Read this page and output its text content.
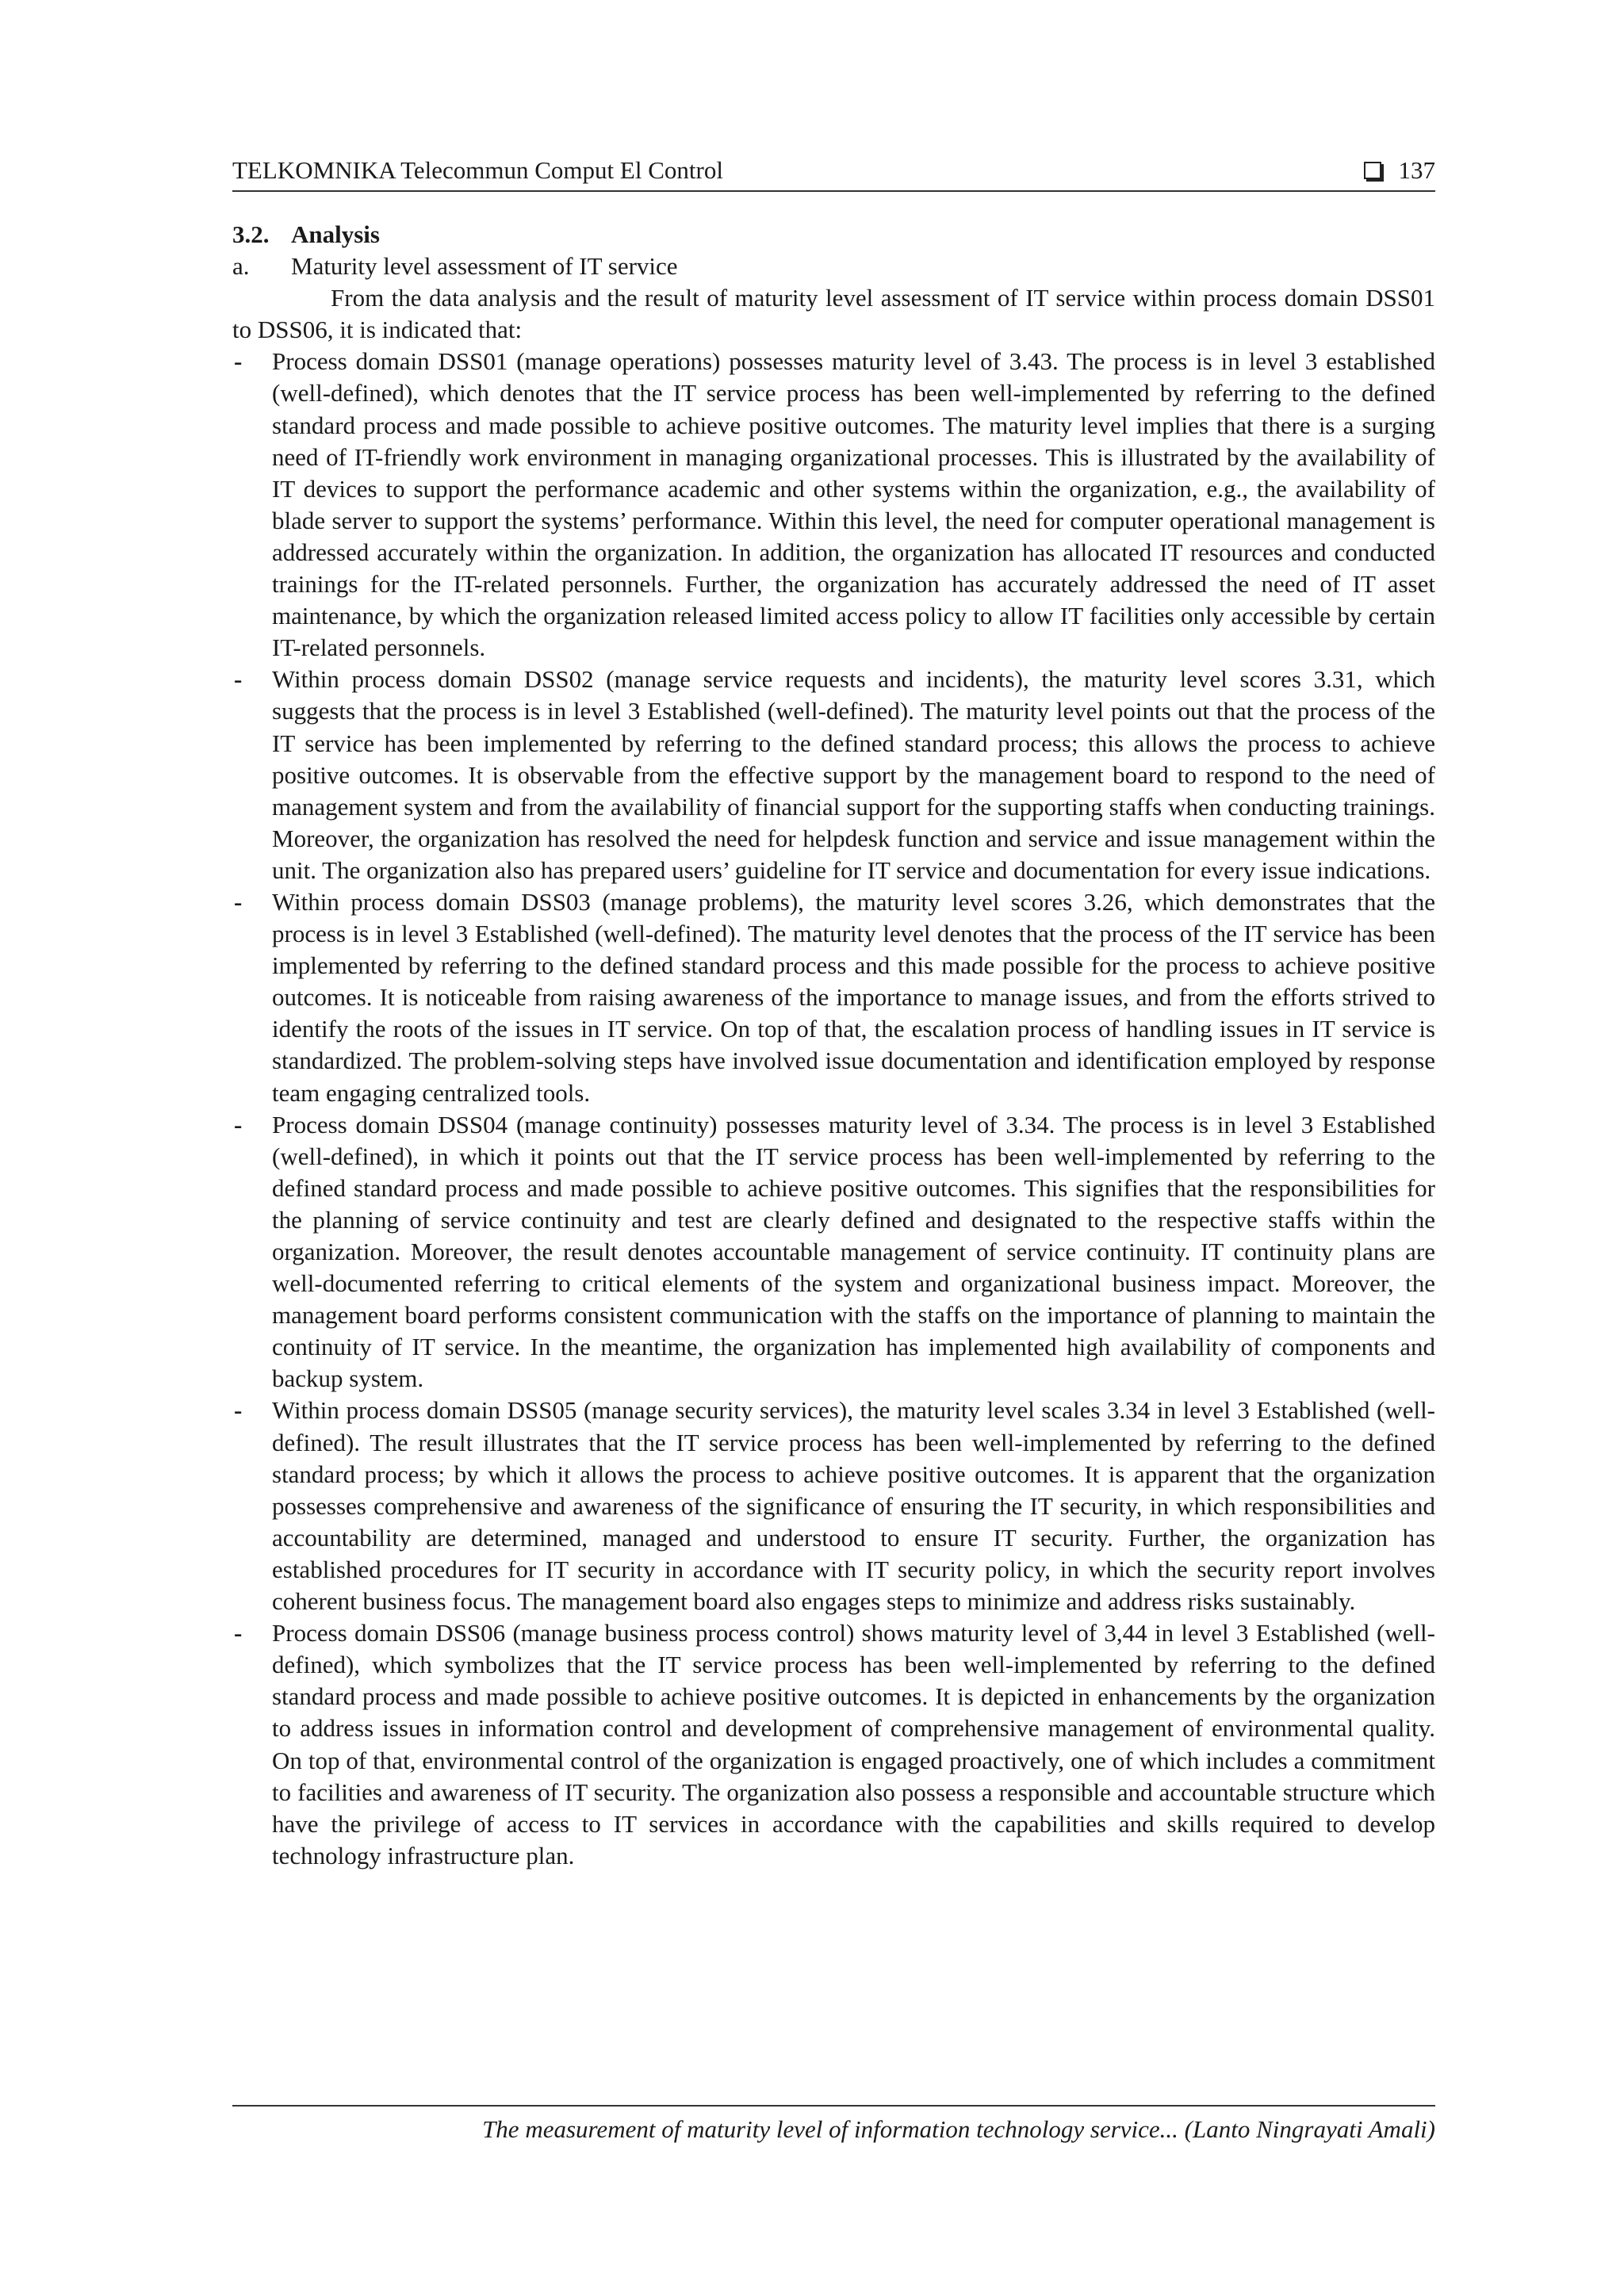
TELKOMNIKA Telecommun Comput El Control	137

3.2. Analysis

a. Maturity level assessment of IT service

From the data analysis and the result of maturity level assessment of IT service within process domain DSS01 to DSS06, it is indicated that:

- Process domain DSS01 (manage operations) possesses maturity level of 3.43. The process is in level 3 established (well-defined), which denotes that the IT service process has been well-implemented by referring to the defined standard process and made possible to achieve positive outcomes. The maturity level implies that there is a surging need of IT-friendly work environment in managing organizational processes. This is illustrated by the availability of IT devices to support the performance academic and other systems within the organization, e.g., the availability of blade server to support the systems’ performance. Within this level, the need for computer operational management is addressed accurately within the organization. In addition, the organization has allocated IT resources and conducted trainings for the IT-related personnels. Further, the organization has accurately addressed the need of IT asset maintenance, by which the organization released limited access policy to allow IT facilities only accessible by certain IT-related personnels.
- Within process domain DSS02 (manage service requests and incidents), the maturity level scores 3.31, which suggests that the process is in level 3 Established (well-defined). The maturity level points out that the process of the IT service has been implemented by referring to the defined standard process; this allows the process to achieve positive outcomes. It is observable from the effective support by the management board to respond to the need of management system and from the availability of financial support for the supporting staffs when conducting trainings. Moreover, the organization has resolved the need for helpdesk function and service and issue management within the unit. The organization also has prepared users’ guideline for IT service and documentation for every issue indications.
- Within process domain DSS03 (manage problems), the maturity level scores 3.26, which demonstrates that the process is in level 3 Established (well-defined). The maturity level denotes that the process of the IT service has been implemented by referring to the defined standard process and this made possible for the process to achieve positive outcomes. It is noticeable from raising awareness of the importance to manage issues, and from the efforts strived to identify the roots of the issues in IT service. On top of that, the escalation process of handling issues in IT service is standardized. The problem-solving steps have involved issue documentation and identification employed by response team engaging centralized tools.
- Process domain DSS04 (manage continuity) possesses maturity level of 3.34. The process is in level 3 Established (well-defined), in which it points out that the IT service process has been well-implemented by referring to the defined standard process and made possible to achieve positive outcomes. This signifies that the responsibilities for the planning of service continuity and test are clearly defined and designated to the respective staffs within the organization. Moreover, the result denotes accountable management of service continuity. IT continuity plans are well-documented referring to critical elements of the system and organizational business impact. Moreover, the management board performs consistent communication with the staffs on the importance of planning to maintain the continuity of IT service. In the meantime, the organization has implemented high availability of components and backup system.
- Within process domain DSS05 (manage security services), the maturity level scales 3.34 in level 3 Established (well-defined). The result illustrates that the IT service process has been well-implemented by referring to the defined standard process; by which it allows the process to achieve positive outcomes. It is apparent that the organization possesses comprehensive and awareness of the significance of ensuring the IT security, in which responsibilities and accountability are determined, managed and understood to ensure IT security. Further, the organization has established procedures for IT security in accordance with IT security policy, in which the security report involves coherent business focus. The management board also engages steps to minimize and address risks sustainably.
- Process domain DSS06 (manage business process control) shows maturity level of 3,44 in level 3 Established (well-defined), which symbolizes that the IT service process has been well-implemented by referring to the defined standard process and made possible to achieve positive outcomes. It is depicted in enhancements by the organization to address issues in information control and development of comprehensive management of environmental quality. On top of that, environmental control of the organization is engaged proactively, one of which includes a commitment to facilities and awareness of IT security. The organization also possess a responsible and accountable structure which have the privilege of access to IT services in accordance with the capabilities and skills required to develop technology infrastructure plan.
The measurement of maturity level of information technology service... (Lanto Ningrayati Amali)
